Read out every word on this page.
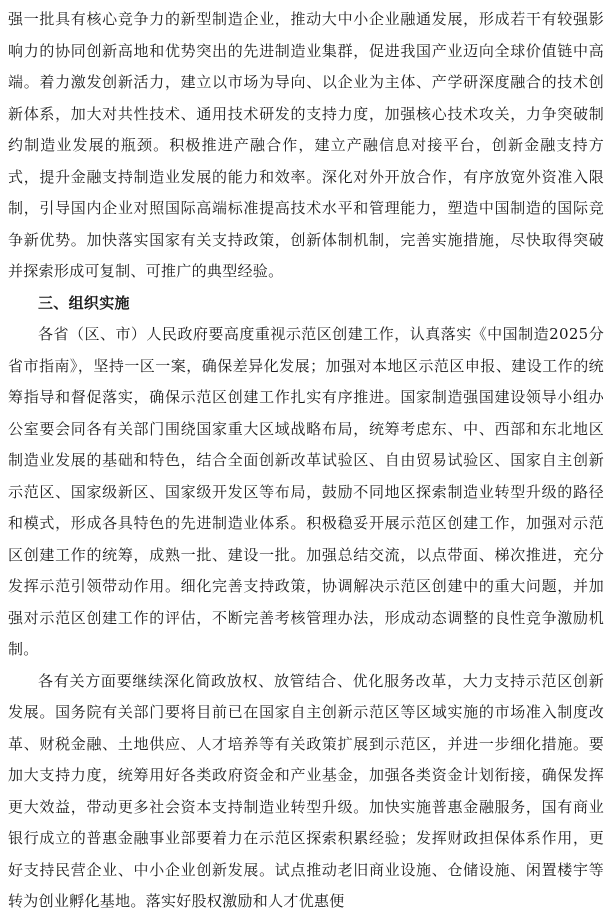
强一批具有核心竞争力的新型制造企业，推动大中小企业融通发展，形成若干有较强影响力的协同创新高地和优势突出的先进制造业集群，促进我国产业迈向全球价值链中高端。着力激发创新活力，建立以市场为导向、以企业为主体、产学研深度融合的技术创新体系，加大对共性技术、通用技术研发的支持力度，加强核心技术攻关，力争突破制约制造业发展的瓶颈。积极推进产融合作，建立产融信息对接平台，创新金融支持方式，提升金融支持制造业发展的能力和效率。深化对外开放合作，有序放宽外资准入限制，引导国内企业对照国际高端标准提高技术水平和管理能力，塑造中国制造的国际竞争新优势。加快落实国家有关支持政策，创新体制机制，完善实施措施，尽快取得突破并探索形成可复制、可推广的典型经验。

三、组织实施

各省（区、市）人民政府要高度重视示范区创建工作，认真落实《中国制造2025分省市指南》，坚持一区一案，确保差异化发展；加强对本地区示范区申报、建设工作的统筹指导和督促落实，确保示范区创建工作扎实有序推进。国家制造强国建设领导小组办公室要会同各有关部门围绕国家重大区域战略布局，统筹考虑东、中、西部和东北地区制造业发展的基础和特色，结合全面创新改革试验区、自由贸易试验区、国家自主创新示范区、国家级新区、国家级开发区等布局，鼓励不同地区探索制造业转型升级的路径和模式，形成各具特色的先进制造业体系。积极稳妥开展示范区创建工作，加强对示范区创建工作的统筹，成熟一批、建设一批。加强总结交流，以点带面、梯次推进，充分发挥示范引领带动作用。细化完善支持政策，协调解决示范区创建中的重大问题，并加强对示范区创建工作的评估，不断完善考核管理办法，形成动态调整的良性竞争激励机制。

各有关方面要继续深化简政放权、放管结合、优化服务改革，大力支持示范区创新发展。国务院有关部门要将目前已在国家自主创新示范区等区域实施的市场准入制度改革、财税金融、土地供应、人才培养等有关政策扩展到示范区，并进一步细化措施。要加大支持力度，统筹用好各类政府资金和产业基金，加强各类资金计划衔接，确保发挥更大效益，带动更多社会资本支持制造业转型升级。加快实施普惠金融服务，国有商业银行成立的普惠金融事业部要着力在示范区探索积累经验；发挥财政担保体系作用，更好支持民营企业、中小企业创新发展。试点推动老旧商业设施、仓储设施、闲置楼宇等转为创业孵化基地。落实好股权激励和人才优惠便
